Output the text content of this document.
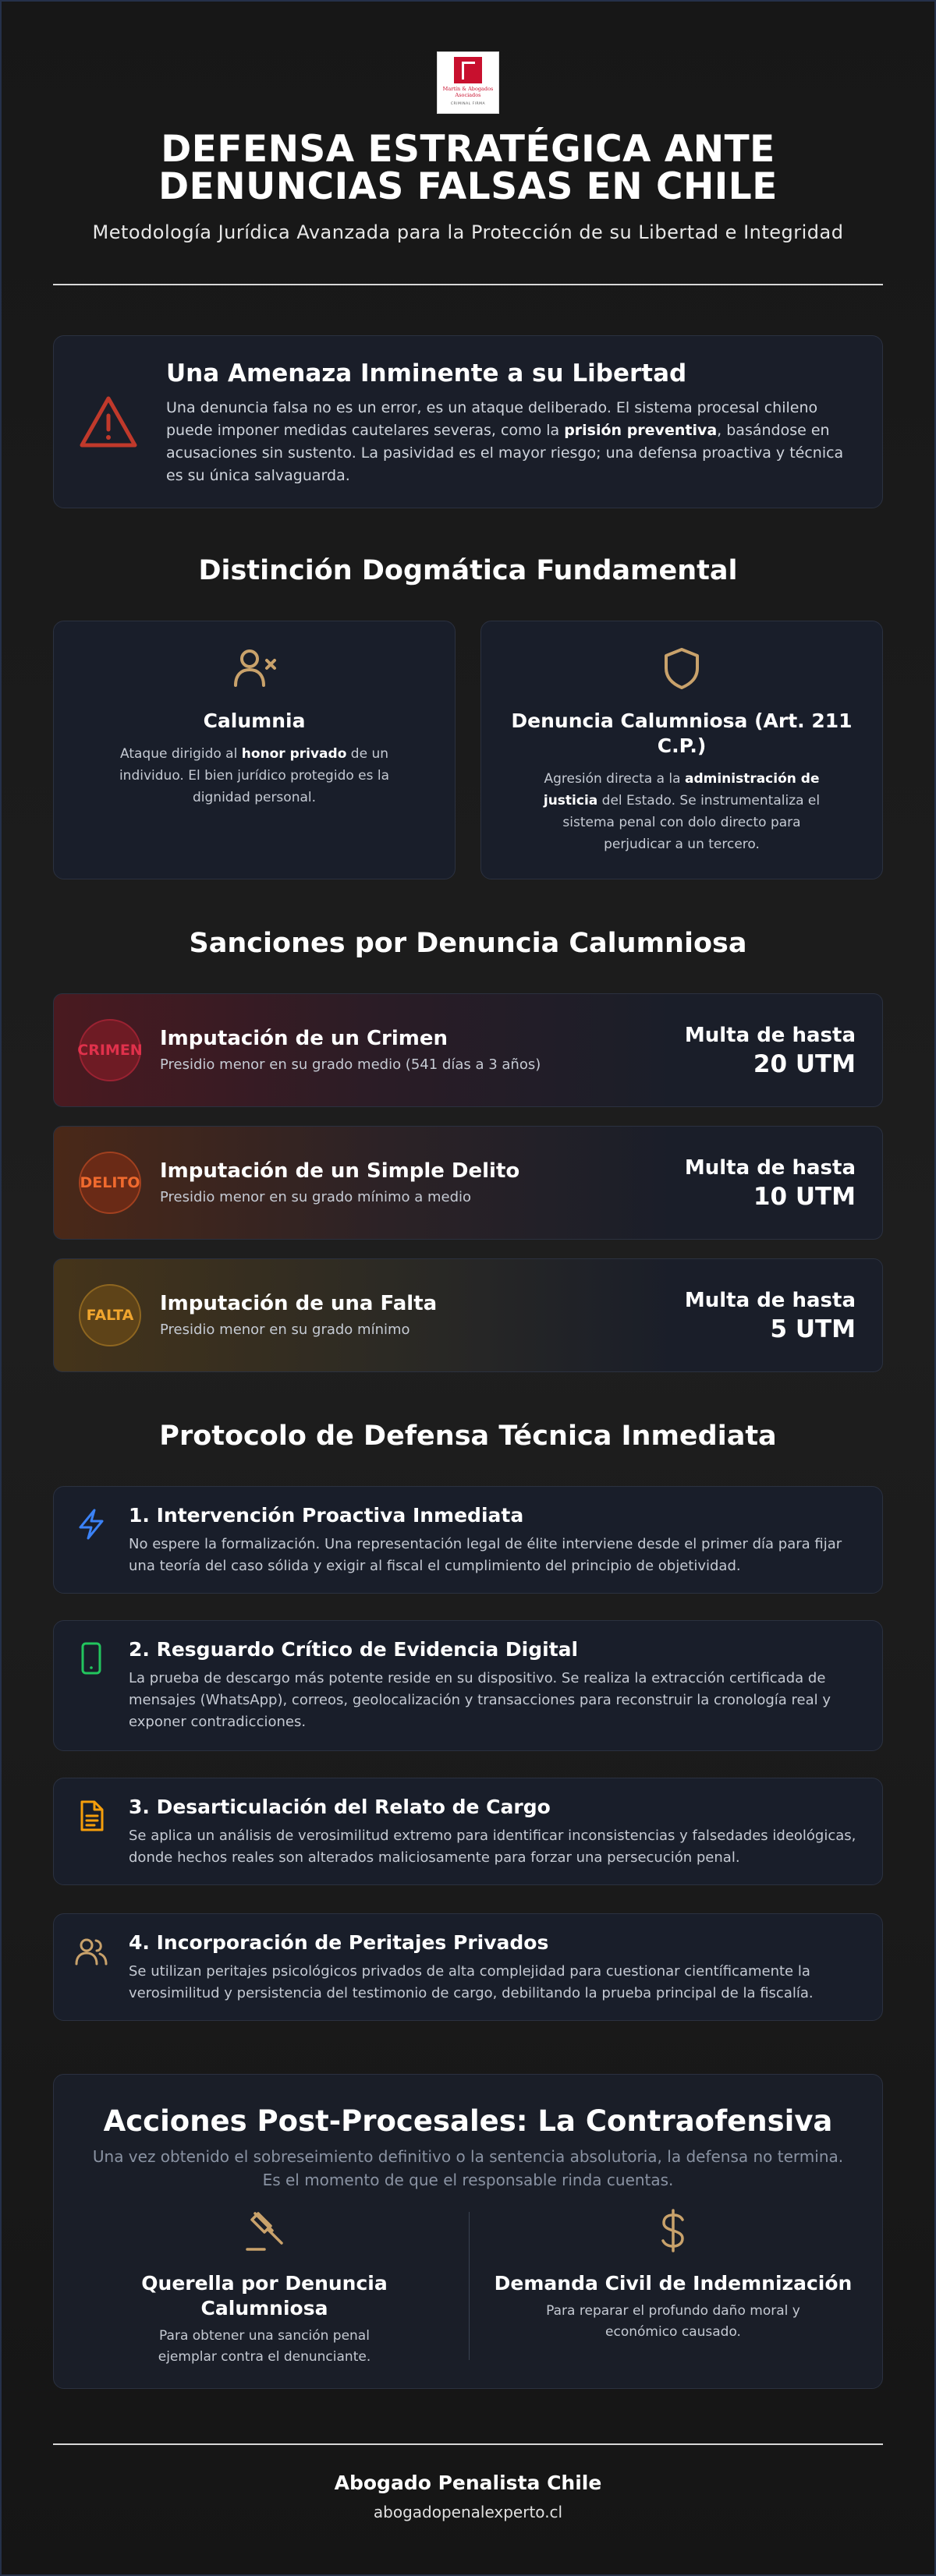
Martín & Abogados
Asociados
CRIMINAL FIRMA
DEFENSA ESTRATÉGICA ANTE
DENUNCIAS FALSAS EN CHILE
Metodología Jurídica Avanzada para la Protección de su Libertad e Integridad
Una Amenaza Inminente a su Libertad

Una denuncia falsa no es un error, es un ataque deliberado. El sistema procesal chileno puede imponer medidas cautelares severas, como la prisión preventiva, basándose en acusaciones sin sustento. La pasividad es el mayor riesgo; una defensa proactiva y técnica es su única salvaguarda.

Distinción Dogmática Fundamental
Calumnia

Ataque dirigido al honor privado de un individuo. El bien jurídico protegido es la dignidad personal.

Denuncia Calumniosa (Art. 211 C.P.)

Agresión directa a la administración de justicia del Estado. Se instrumentaliza el sistema penal con dolo directo para perjudicar a un tercero.

Sanciones por Denuncia Calumniosa
CRIMEN Imputación de un Crimen
Presidio menor en su grado medio (541 días a 3 años)
Multa de hasta
20 UTM
DELITO Imputación de un Simple Delito
Presidio menor en su grado mínimo a medio
Multa de hasta
10 UTM
FALTA	Imputación de una Falta
Presidio menor en su grado mínimo
Multa de hasta
5 UTM
Protocolo de Defensa Técnica Inmediata
1. Intervención Proactiva Inmediata

No espere la formalización. Una representación legal de élite interviene desde el primer día para fijar una teoría del caso sólida y exigir al fiscal el cumplimiento del principio de objetividad.

2. Resguardo Crítico de Evidencia Digital

La prueba de descargo más potente reside en su dispositivo. Se realiza la extracción certificada de mensajes (WhatsApp), correos, geolocalización y transacciones para reconstruir la cronología real y exponer contradicciones.

3. Desarticulación del Relato de Cargo

Se aplica un análisis de verosimilitud extremo para identificar inconsistencias y falsedades ideológicas, donde hechos reales son alterados maliciosamente para forzar una persecución penal.

4. Incorporación de Peritajes Privados

Se utilizan peritajes psicológicos privados de alta complejidad para cuestionar científicamente la verosimilitud y persistencia del testimonio de cargo, debilitando la prueba principal de la fiscalía.

Acciones Post-Procesales: La Contraofensiva

Una vez obtenido el sobreseimiento definitivo o la sentencia absolutoria, la defensa no termina. Es el momento de que el responsable rinda cuentas.

Querella por Denuncia Calumniosa

Para obtener una sanción penal ejemplar contra el denunciante.

Demanda Civil de Indemnización

Para reparar el profundo daño moral y económico causado.

Abogado Penalista Chile
abogadopenalexperto.cl
